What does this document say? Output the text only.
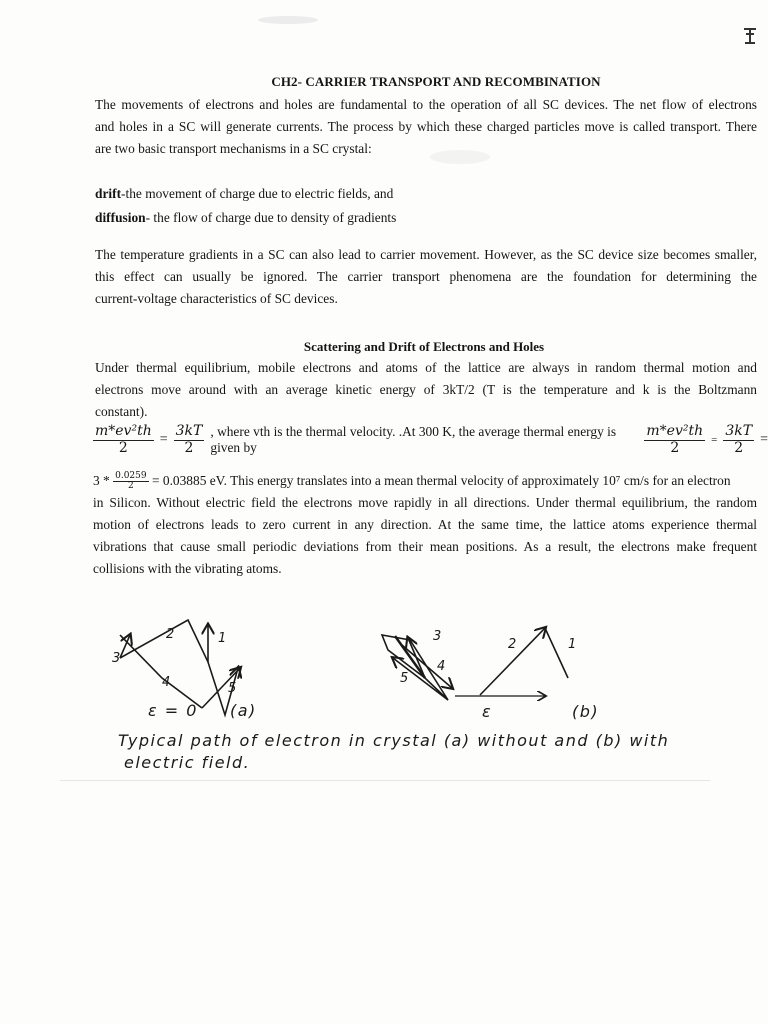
CH2- CARRIER TRANSPORT AND RECOMBINATION
The movements of electrons and holes are fundamental to the operation of all SC devices. The net flow of electrons
and holes in a SC will generate currents. The process by which these charged particles move is called transport. There
are two basic transport mechanisms in a SC crystal:
drift-the movement of charge due to electric fields, and
diffusion- the flow of charge due to density of gradients
The temperature gradients in a SC can also lead to carrier movement. However, as the SC device size becomes smaller,
this effect can usually be ignored. The carrier transport phenomena are the foundation for determining the
current-voltage characteristics of SC devices.
Scattering and Drift of Electrons and Holes
Under thermal equilibrium, mobile electrons and atoms of the lattice are always in random thermal motion and
electrons move around with an average kinetic energy of 3kT/2 (T is the temperature and k is the Boltzmann
constant).
$\frac{\text{m*ev²th}}{2} = \frac{3kT}{2}$ , where vth is the thermal velocity. .At 300 K, the average thermal energy is given by	$\frac{\text{m*ev²th}}{2} = \frac{3kT}{2}$ =
$3 * \frac{0.0259}{2} = 0.03885$ eV. This energy translates into a mean thermal velocity of approximately 10⁷ cm/s for an electron
in Silicon. Without electric field the electrons move rapidly in all directions. Under thermal equilibrium, the random
motion of electrons leads to zero current in any direction. At the same time, the lattice atoms experience thermal
vibrations that cause small periodic deviations from their mean positions. As a result, the electrons make frequent
collisions with the vibrating atoms.
1
2
3
4	5
1
2
3
4
5
ε = 0 (a)	ε	(b)
Typical path of electron in crystal (a) without and (b) with
electric field.
